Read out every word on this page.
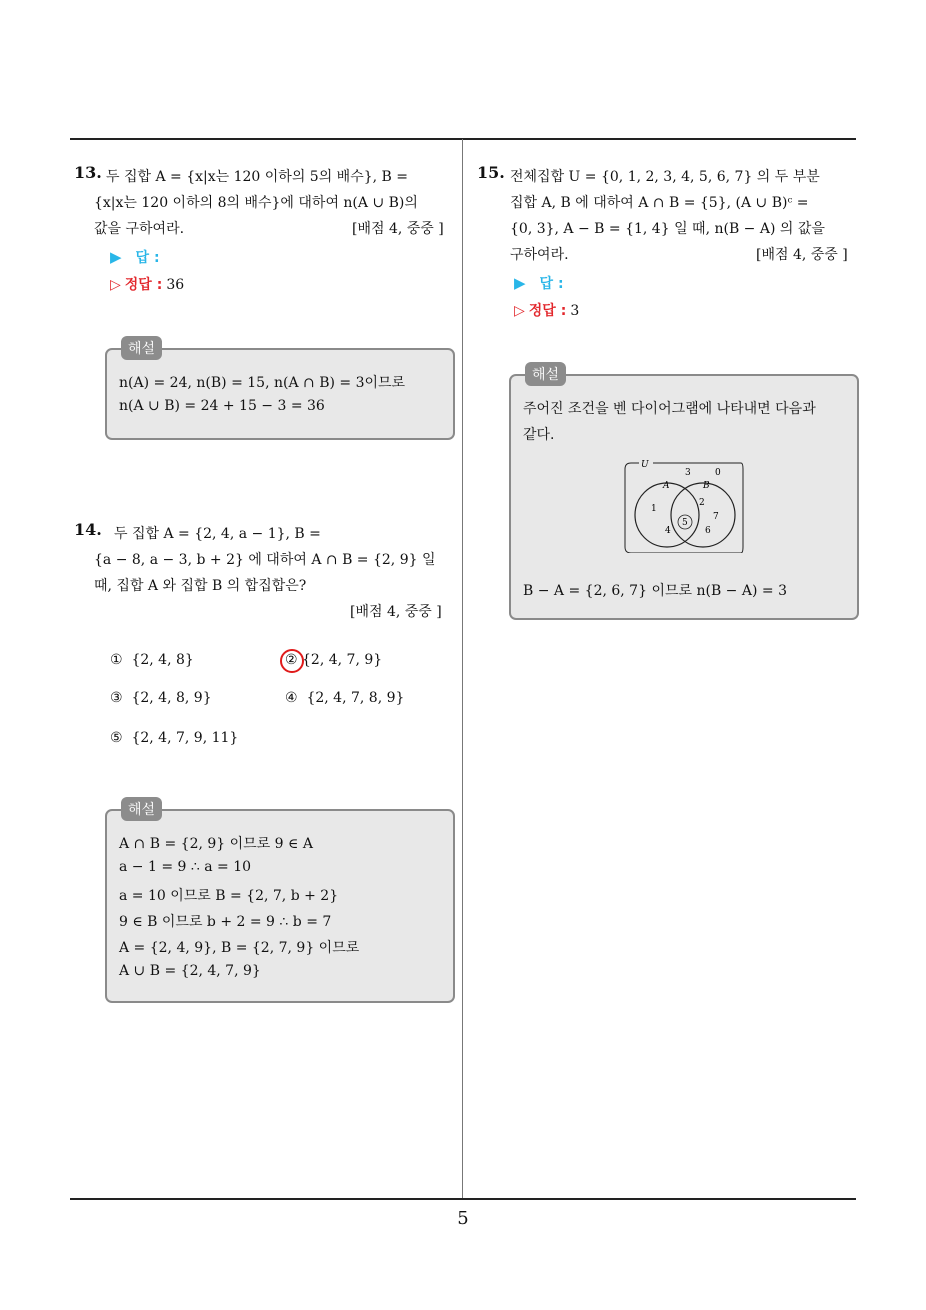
13. 두 집합 A = {x|x는 120 이하의 5의 배수}, B =
{x|x는 120 이하의 8의 배수}에 대하여 n(A ∪ B)의
값을 구하여라.	[배점 4, 중중 ]
▶ 답 :
▷ 정답 : 36
해설
n(A) = 24, n(B) = 15, n(A ∩ B) = 3이므로
n(A ∪ B) = 24 + 15 − 3 = 36
14. 두 집합 A = {2, 4, a − 1}, B =
{a − 8, a − 3, b + 2} 에 대하여 A ∩ B = {2, 9} 일
때, 집합 A 와 집합 B 의 합집합은?
[배점 4, 중중 ]
① {2, 4, 8}	② {2, 4, 7, 9}
③ {2, 4, 8, 9}	④ {2, 4, 7, 8, 9}
⑤ {2, 4, 7, 9, 11}
해설
A ∩ B = {2, 9} 이므로 9 ∈ A
a − 1 = 9 ∴ a = 10
a = 10 이므로 B = {2, 7, b + 2}
9 ∈ B 이므로 b + 2 = 9 ∴ b = 7
A = {2, 4, 9}, B = {2, 7, 9} 이므로
A ∪ B = {2, 4, 7, 9}
15. 전체집합 U = {0, 1, 2, 3, 4, 5, 6, 7} 의 두 부분
집합 A, B 에 대하여 A ∩ B = {5}, (A ∪ B)ᶜ =
{0, 3}, A − B = {1, 4} 일 때, n(B − A) 의 값을
구하여라.	[배점 4, 중중 ]
▶ 답 :
▷ 정답 : 3
해설
주어진 조건을 벤 다이어그램에 나타내면 다음과
같다.
U
A	B
3	0
1
4
5
2
7
6
B − A = {2, 6, 7} 이므로 n(B − A) = 3
5
